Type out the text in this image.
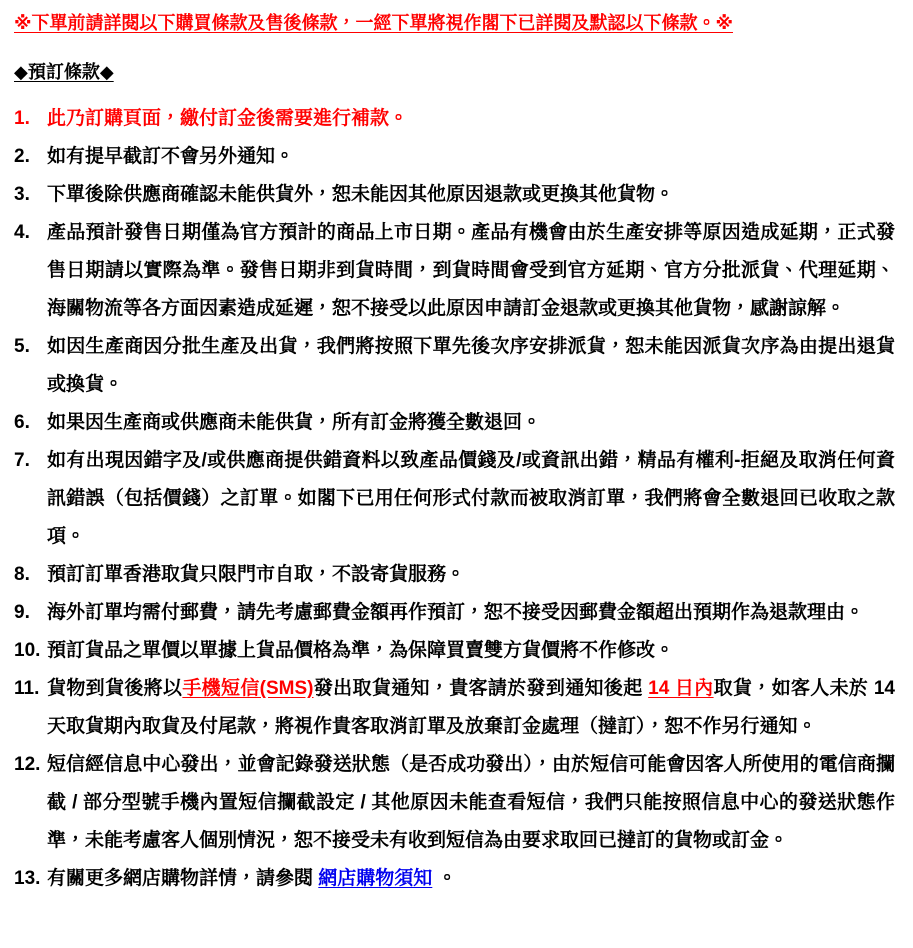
※下單前請詳閱以下購買條款及售後條款，一經下單將視作閣下已詳閱及默認以下條款。※
◆預訂條款◆
1. 此乃訂購頁面，繳付訂金後需要進行補款。
2. 如有提早截訂不會另外通知。
3. 下單後除供應商確認未能供貨外，恕未能因其他原因退款或更換其他貨物。
4. 產品預計發售日期僅為官方預計的商品上市日期。產品有機會由於生產安排等原因造成延期，正式發售日期請以實際為準。發售日期非到貨時間，到貨時間會受到官方延期、官方分批派貨、代理延期、海關物流等各方面因素造成延遲，恕不接受以此原因申請訂金退款或更換其他貨物，感謝諒解。
5. 如因生產商因分批生產及出貨，我們將按照下單先後次序安排派貨，恕未能因派貨次序為由提出退貨或換貨。
6. 如果因生產商或供應商未能供貨，所有訂金將獲全數退回。
7. 如有出現因錯字及/或供應商提供錯資料以致產品價錢及/或資訊出錯，精品有權利-拒絕及取消任何資訊錯誤（包括價錢）之訂單。如閣下已用任何形式付款而被取消訂單，我們將會全數退回已收取之款項。
8. 預訂訂單香港取貨只限門市自取，不設寄貨服務。
9. 海外訂單均需付郵費，請先考慮郵費金額再作預訂，恕不接受因郵費金額超出預期作為退款理由。
10. 預訂貨品之單價以單據上貨品價格為準，為保障買賣雙方貨價將不作修改。
11. 貨物到貨後將以手機短信(SMS)發出取貨通知，貴客請於發到通知後起 14 日內取貨，如客人未於 14 天取貨期內取貨及付尾款，將視作貴客取消訂單及放棄訂金處理（撻訂），恕不作另行通知。
12. 短信經信息中心發出，並會記錄發送狀態（是否成功發出），由於短信可能會因客人所使用的電信商攔截 / 部分型號手機內置短信攔截設定 / 其他原因未能查看短信，我們只能按照信息中心的發送狀態作準，未能考慮客人個別情況，恕不接受未有收到短信為由要求取回已撻訂的貨物或訂金。
13. 有關更多網店購物詳情，請參閱 網店購物須知 。
